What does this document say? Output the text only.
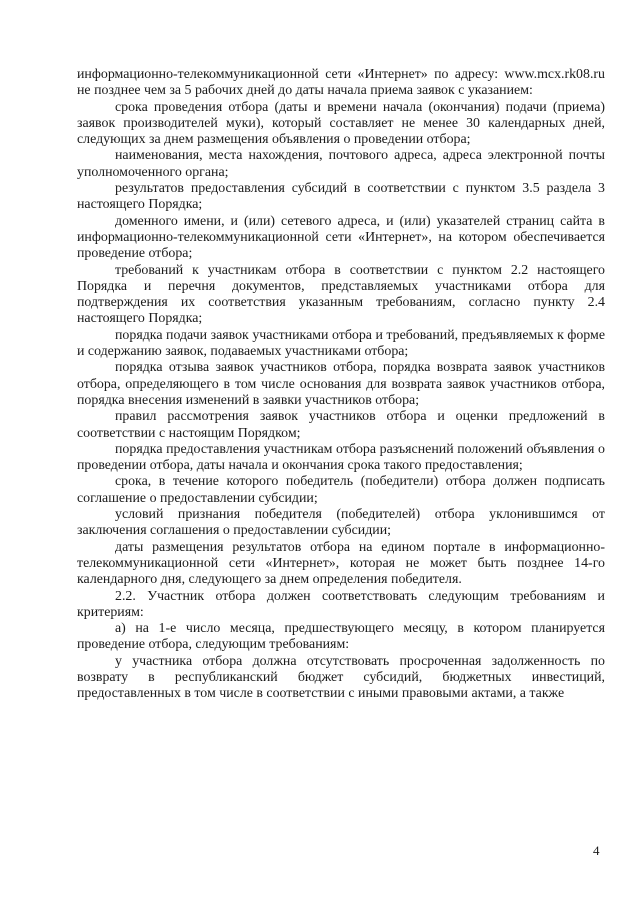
информационно-телекоммуникационной сети «Интернет» по адресу: www.mcx.rk08.ru не позднее чем за 5 рабочих дней до даты начала приема заявок с указанием:

срока проведения отбора (даты и времени начала (окончания) подачи (приема) заявок производителей муки), который составляет не менее 30 календарных дней, следующих за днем размещения объявления о проведении отбора;

наименования, места нахождения, почтового адреса, адреса электронной почты уполномоченного органа;

результатов предоставления субсидий в соответствии с пунктом 3.5 раздела 3 настоящего Порядка;

доменного имени, и (или) сетевого адреса, и (или) указателей страниц сайта в информационно-телекоммуникационной сети «Интернет», на котором обеспечивается проведение отбора;

требований к участникам отбора в соответствии с пунктом 2.2 настоящего Порядка и перечня документов, представляемых участниками отбора для подтверждения их соответствия указанным требованиям, согласно пункту 2.4 настоящего Порядка;

порядка подачи заявок участниками отбора и требований, предъявляемых к форме и содержанию заявок, подаваемых участниками отбора;

порядка отзыва заявок участников отбора, порядка возврата заявок участников отбора, определяющего в том числе основания для возврата заявок участников отбора, порядка внесения изменений в заявки участников отбора;

правил рассмотрения заявок участников отбора и оценки предложений в соответствии с настоящим Порядком;

порядка предоставления участникам отбора разъяснений положений объявления о проведении отбора, даты начала и окончания срока такого предоставления;

срока, в течение которого победитель (победители) отбора должен подписать соглашение о предоставлении субсидии;

условий признания победителя (победителей) отбора уклонившимся от заключения соглашения о предоставлении субсидии;

даты размещения результатов отбора на едином портале в информационно-телекоммуникационной сети «Интернет», которая не может быть позднее 14-го календарного дня, следующего за днем определения победителя.

2.2. Участник отбора должен соответствовать следующим требованиям и критериям:

а) на 1-е число месяца, предшествующего месяцу, в котором планируется проведение отбора, следующим требованиям:

у участника отбора должна отсутствовать просроченная задолженность по возврату в республиканский бюджет субсидий, бюджетных инвестиций, предоставленных в том числе в соответствии с иными правовыми актами, а также

4
